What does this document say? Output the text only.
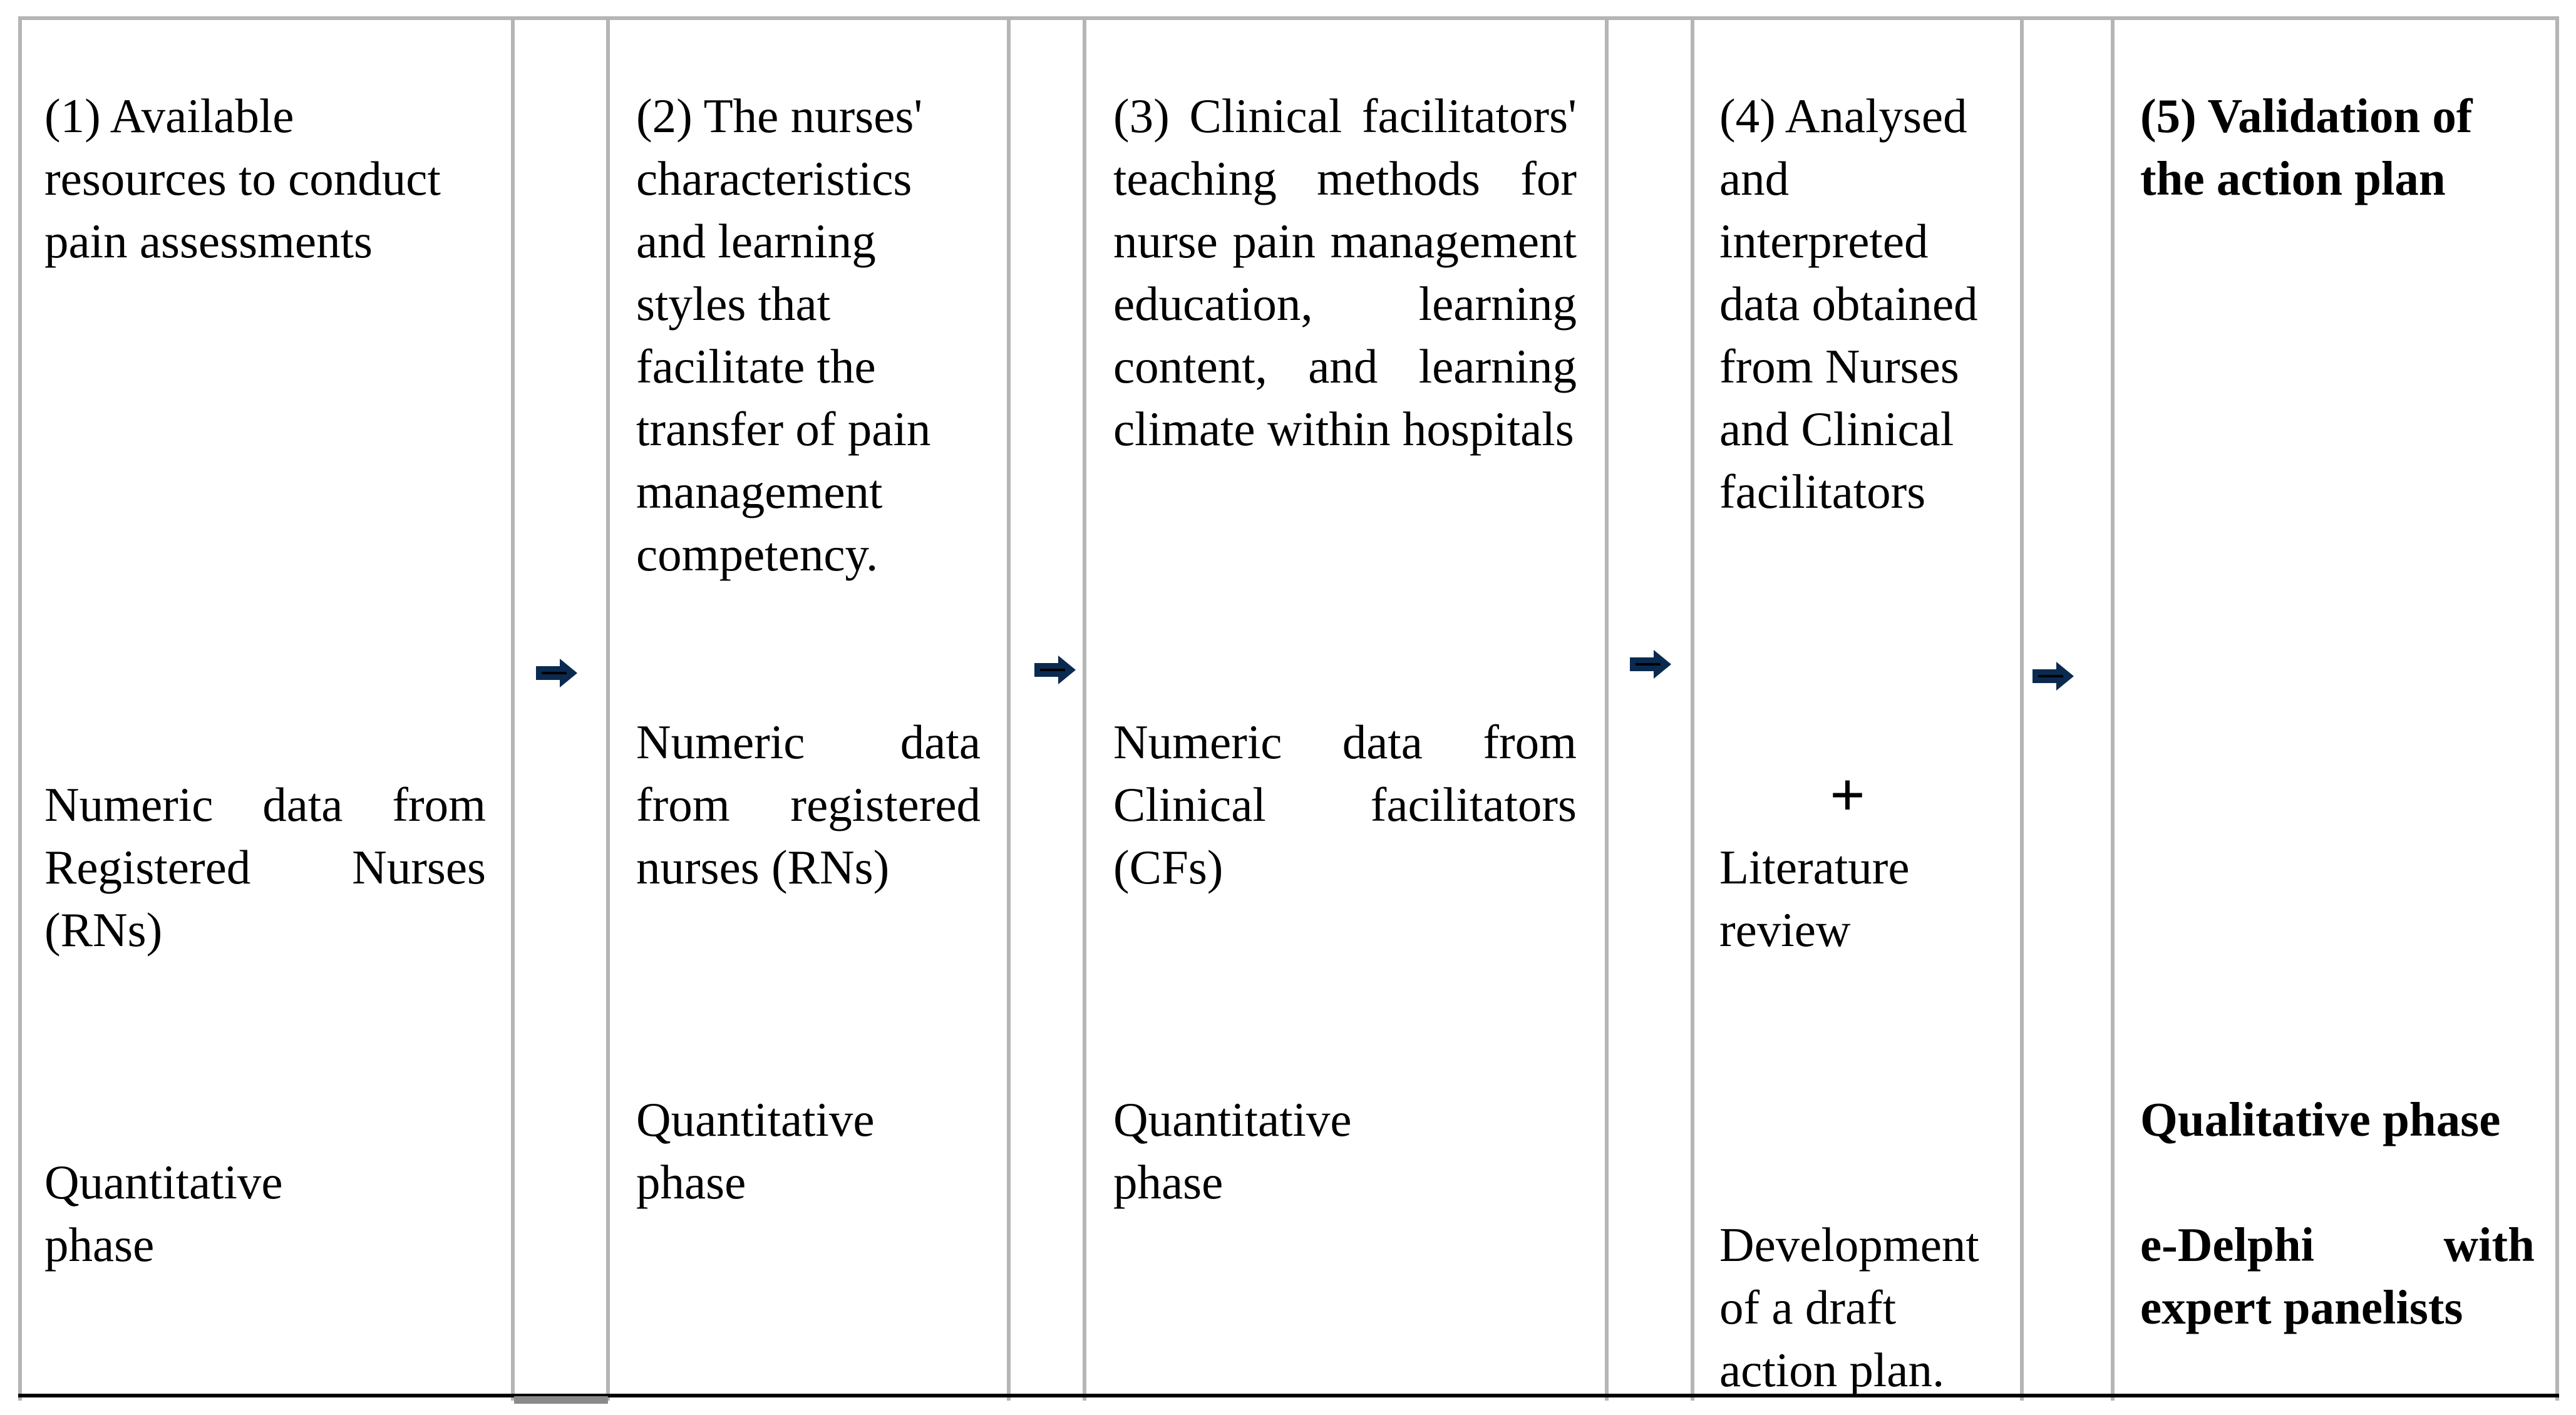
(1) Available resources to conduct pain assessments
Numeric data from Registered Nurses (RNs)
Quantitative phase
(2) The nurses' characteristics and learning styles that facilitate the transfer of pain management competency.
Numeric data from registered nurses (RNs)
Quantitative phase
(3) Clinical facilitators' teaching methods for nurse pain management education, learning content, and learning climate within hospitals
Numeric data from Clinical facilitators (CFs)
Quantitative phase
(4) Analysed and interpreted data obtained from Nurses and Clinical facilitators
+
Literature review
Development of a draft action plan.
(5) Validation of the action plan
Qualitative phase
e-Delphi with expert panelists
